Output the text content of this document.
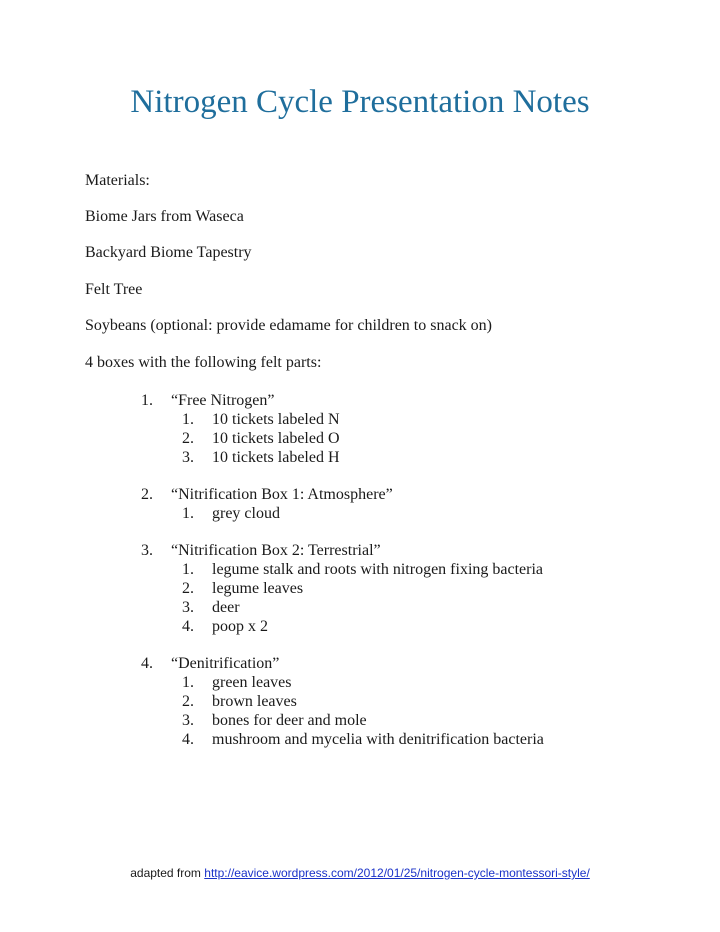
Nitrogen Cycle Presentation Notes

Materials:

Biome Jars from Waseca

Backyard Biome Tapestry

Felt Tree

Soybeans (optional: provide edamame for children to snack on)

4 boxes with the following felt parts:

1. “Free Nitrogen”
1. 10 tickets labeled N
2. 10 tickets labeled O
3. 10 tickets labeled H
2. “Nitrification Box 1: Atmosphere”
1. grey cloud
3. “Nitrification Box 2: Terrestrial”
1. legume stalk and roots with nitrogen fixing bacteria
2. legume leaves
3. deer
4. poop x 2
4. “Denitrification”
1. green leaves
2. brown leaves
3. bones for deer and mole
4. mushroom and mycelia with denitrification bacteria
adapted from http://eavice.wordpress.com/2012/01/25/nitrogen-cycle-montessori-style/
